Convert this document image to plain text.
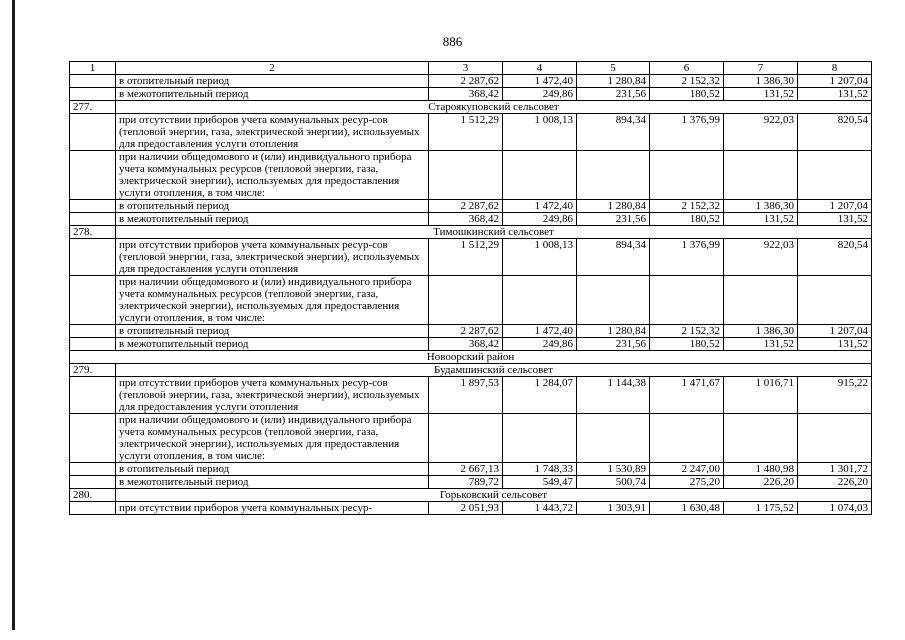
886
1	2	3	4	5	6	7	8
	в отопительный период	2 287,62	1 472,40	1 280,84	2 152,32	1 386,30	1 207,04
	в межотопительный период	368,42	249,86	231,56	180,52	131,52	131,52
277.	Староякуповский сельсовет						
	при отсутствии приборов учета коммунальных ресур-сов (тепловой энергии, газа, электрической энергии), используемых для предоставления услуги отопления	1 512,29	1 008,13	894,34	1 376,99	922,03	820,54
	при наличии общедомового и (или) индивидуального прибора учета коммунальных ресурсов (тепловой энергии, газа, электрической энергии), используемых для предоставления услуги отопления, в том числе:						
	в отопительный период	2 287,62	1 472,40	1 280,84	2 152,32	1 386,30	1 207,04
	в межотопительный период	368,42	249,86	231,56	180,52	131,52	131,52
278.	Тимошкинский сельсовет						
	при отсутствии приборов учета коммунальных ресур-сов (тепловой энергии, газа, электрической энергии), используемых для предоставления услуги отопления	1 512,29	1 008,13	894,34	1 376,99	922,03	820,54
	при наличии общедомового и (или) индивидуального прибора учета коммунальных ресурсов (тепловой энергии, газа, электрической энергии), используемых для предоставления услуги отопления, в том числе:						
	в отопительный период	2 287,62	1 472,40	1 280,84	2 152,32	1 386,30	1 207,04
	в межотопительный период	368,42	249,86	231,56	180,52	131,52	131,52
Новоорский район							
279.	Будамшинский сельсовет						
	при отсутствии приборов учета коммунальных ресур-сов (тепловой энергии, газа, электрической энергии), используемых для предоставления услуги отопления	1 897,53	1 284,07	1 144,38	1 471,67	1 016,71	915,22
	при наличии общедомового и (или) индивидуального прибора учета коммунальных ресурсов (тепловой энергии, газа, электрической энергии), используемых для предоставления услуги отопления, в том числе:						
	в отопительный период	2 667,13	1 748,33	1 530,89	2 247,00	1 480,98	1 301,72
	в межотопительный период	789,72	549,47	500,74	275,20	226,20	226,20
280.	Горьковский сельсовет						
	при отсутствии приборов учета коммунальных ресур-	2 051,93	1 443,72	1 303,91	1 630,48	1 175,52	1 074,03
